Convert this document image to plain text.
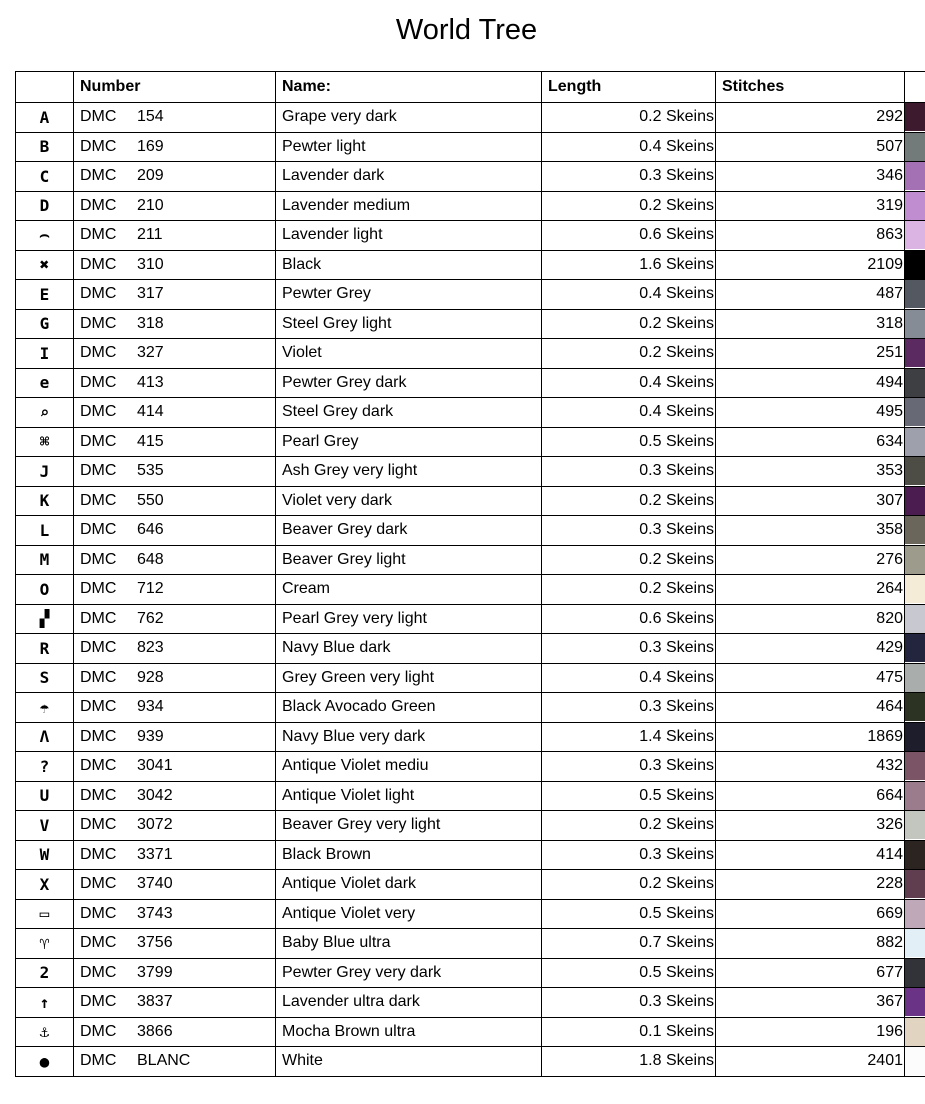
World Tree
	Number	Name:	Length	Stitches	
A	DMC 154	Grape very dark	0.2 Skeins	292	

B	DMC 169	Pewter light	0.4 Skeins	507	

C	DMC 209	Lavender dark	0.3 Skeins	346	

D	DMC 210	Lavender medium	0.2 Skeins	319	

⌢	DMC 211	Lavender light	0.6 Skeins	863	

✖	DMC 310	Black	1.6 Skeins	2109	

E	DMC 317	Pewter Grey	0.4 Skeins	487	

G	DMC 318	Steel Grey light	0.2 Skeins	318	

I	DMC 327	Violet	0.2 Skeins	251	

e	DMC 413	Pewter Grey dark	0.4 Skeins	494	

⌕	DMC 414	Steel Grey dark	0.4 Skeins	495	

⌘	DMC 415	Pearl Grey	0.5 Skeins	634	

J	DMC 535	Ash Grey very light	0.3 Skeins	353	

K	DMC 550	Violet very dark	0.2 Skeins	307	

L	DMC 646	Beaver Grey dark	0.3 Skeins	358	

M	DMC 648	Beaver Grey light	0.2 Skeins	276	

O	DMC 712	Cream	0.2 Skeins	264	

▞	DMC 762	Pearl Grey very light	0.6 Skeins	820	

R	DMC 823	Navy Blue dark	0.3 Skeins	429	

S	DMC 928	Grey Green very light	0.4 Skeins	475	

☂	DMC 934	Black Avocado Green	0.3 Skeins	464	

Λ	DMC 939	Navy Blue very dark	1.4 Skeins	1869	

?	DMC 3041	Antique Violet mediu	0.3 Skeins	432	

U	DMC 3042	Antique Violet light	0.5 Skeins	664	

V	DMC 3072	Beaver Grey very light	0.2 Skeins	326	

W	DMC 3371	Black Brown	0.3 Skeins	414	

X	DMC 3740	Antique Violet dark	0.2 Skeins	228	

▭	DMC 3743	Antique Violet very	0.5 Skeins	669	

♈	DMC 3756	Baby Blue ultra	0.7 Skeins	882	

2	DMC 3799	Pewter Grey very dark	0.5 Skeins	677	

↑	DMC 3837	Lavender ultra dark	0.3 Skeins	367	

⚓	DMC 3866	Mocha Brown ultra	0.1 Skeins	196	

●	DMC BLANC	White	1.8 Skeins	2401	
